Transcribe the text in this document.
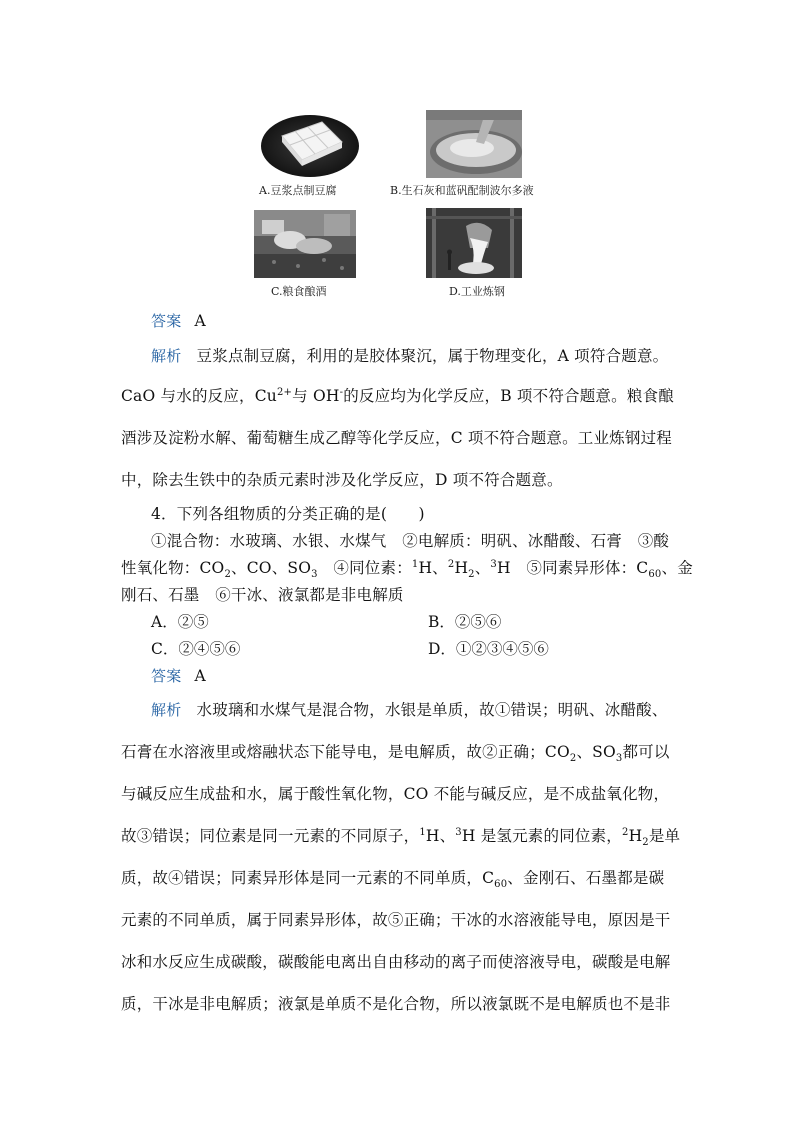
A.豆浆点制豆腐	B.生石灰和蓝矾配制波尔多液
C.粮食酿酒	D.工业炼钢
答案 A
解析 豆浆点制豆腐，利用的是胶体聚沉，属于物理变化，A 项符合题意。
CaO 与水的反应，$Cu^{2+}$与 OH-的反应均为化学反应，B 项不符合题意。粮食酿
酒涉及淀粉水解、葡萄糖生成乙醇等化学反应，C 项不符合题意。工业炼钢过程
中，除去生铁中的杂质元素时涉及化学反应，D 项不符合题意。
4．下列各组物质的分类正确的是(　　)
①混合物：水玻璃、水银、水煤气　②电解质：明矾、冰醋酸、石膏　③酸
性氧化物：$CO_2$、CO、$SO_3$　④同位素：$^1$H、$^2H_2$、$^3$H　⑤同素异形体：$C_{60}$、金
刚石、石墨　⑥干冰、液氯都是非电解质
A．②⑤	B．②⑤⑥
C．②④⑤⑥	D．①②③④⑤⑥
答案 A
解析 水玻璃和水煤气是混合物，水银是单质，故①错误；明矾、冰醋酸、
石膏在水溶液里或熔融状态下能导电，是电解质，故②正确；$CO_2$、$SO_3$都可以
与碱反应生成盐和水，属于酸性氧化物，CO 不能与碱反应，是不成盐氧化物，
故③错误；同位素是同一元素的不同原子，$^1$H、$^3$H 是氢元素的同位素，$^2H_2$是单
质，故④错误；同素异形体是同一元素的不同单质，$C_{60}$、金刚石、石墨都是碳
元素的不同单质，属于同素异形体，故⑤正确；干冰的水溶液能导电，原因是干
冰和水反应生成碳酸，碳酸能电离出自由移动的离子而使溶液导电，碳酸是电解
质，干冰是非电解质；液氯是单质不是化合物，所以液氯既不是电解质也不是非
